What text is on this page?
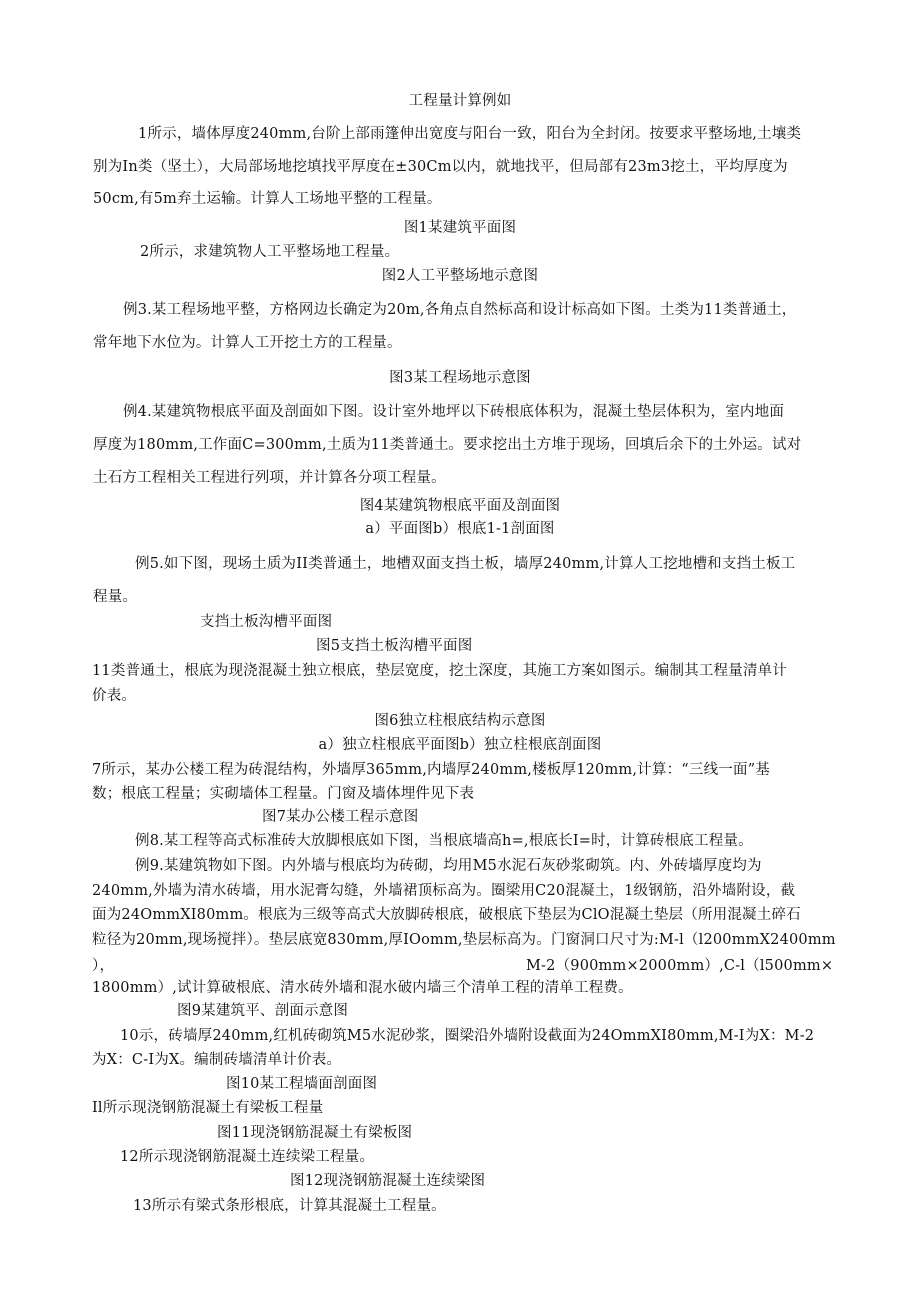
工程量计算例如
1所示，墙体厚度240mm,台阶上部雨篷伸出宽度与阳台一致，阳台为全封闭。按要求平整场地,土壤类
别为In类（坚土），大局部场地挖填找平厚度在±30Cm以内，就地找平，但局部有23m3挖土，平均厚度为
50cm,有5m弃土运输。计算人工场地平整的工程量。
图1某建筑平面图
2所示，求建筑物人工平整场地工程量。
图2人工平整场地示意图
例3.某工程场地平整，方格网边长确定为20m,各角点自然标高和设计标高如下图。土类为11类普通土，
常年地下水位为。计算人工开挖土方的工程量。
图3某工程场地示意图
例4.某建筑物根底平面及剖面如下图。设计室外地坪以下砖根底体积为，混凝土垫层体积为，室内地面
厚度为180mm,工作面C=300mm,土质为11类普通土。要求挖出土方堆于现场，回填后余下的土外运。试对
土石方工程相关工程进行列项，并计算各分项工程量。
图4某建筑物根底平面及剖面图
a）平面图b）根底1-1剖面图
例5.如下图，现场土质为II类普通土，地槽双面支挡土板，墙厚240mm,计算人工挖地槽和支挡土板工
程量。
支挡土板沟槽平面图
图5支挡土板沟槽平面图
11类普通土，根底为现浇混凝土独立根底，垫层宽度，挖土深度，其施工方案如图示。编制其工程量清单计
价表。
图6独立柱根底结构示意图
a）独立柱根底平面图b）独立柱根底剖面图
7所示，某办公楼工程为砖混结构，外墙厚365mm,内墙厚240mm,楼板厚120mm,计算：“三线一面”基
数；根底工程量；实砌墙体工程量。门窗及墙体埋件见下表
图7某办公楼工程示意图
例8.某工程等高式标准砖大放脚根底如下图，当根底墙高h=,根底长I=时，计算砖根底工程量。
例9.某建筑物如下图。内外墙与根底均为砖砌，均用M5水泥石灰砂浆砌筑。内、外砖墙厚度均为
240mm,外墙为清水砖墙，用水泥膏勾缝，外墙裙顶标高为。圈梁用C20混凝土，1级钢筋，沿外墙附设，截
面为24OmmXI80mm。根底为三级等高式大放脚砖根底，破根底下垫层为ClO混凝土垫层（所用混凝土碎石
粒径为20mm,现场搅拌）。垫层底宽830mm,厚IOomm,垫层标高为。门窗洞口尺寸为:M-l（l200mmX2400mm
），	M-2（900mm×2000mm）,C-l（l500mm×
1800mm）,试计算破根底、清水砖外墙和混水破内墙三个清单工程的清单工程费。
图9某建筑平、剖面示意图
10示，砖墙厚240mm,红机砖砌筑M5水泥砂浆，圈梁沿外墙附设截面为24OmmXI80mm,M-I为X：M-2
为X：C-I为X。编制砖墙清单计价表。
图10某工程墙面剖面图
Il所示现浇钢筋混凝土有梁板工程量
图11现浇钢筋混凝土有梁板图
12所示现浇钢筋混凝土连续梁工程量。
图12现浇钢筋混凝土连续梁图
13所示有梁式条形根底，计算其混凝土工程量。
